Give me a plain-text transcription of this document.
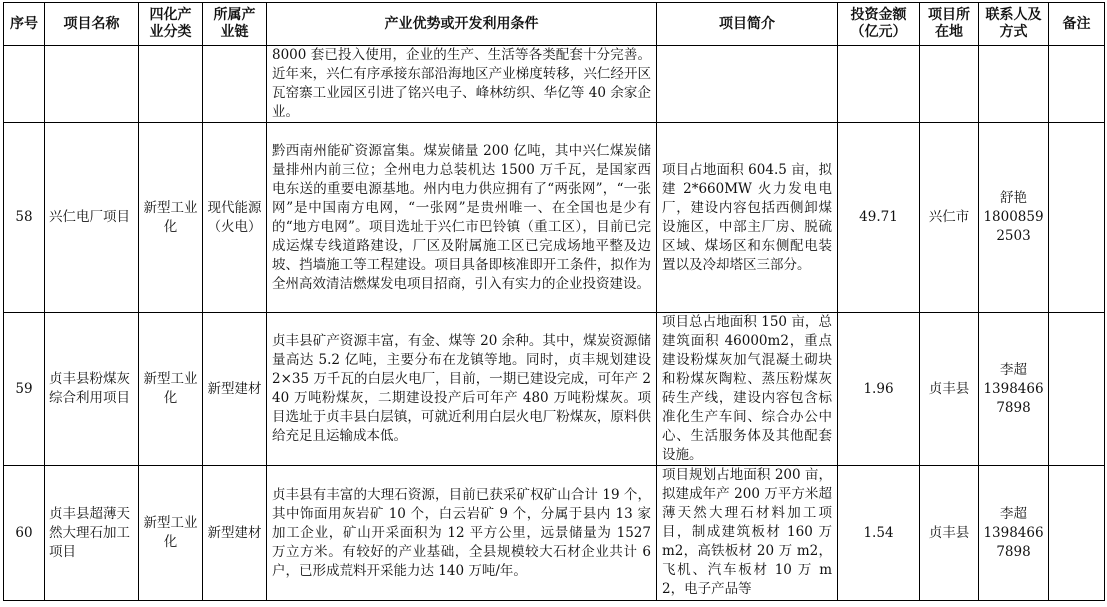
序号	项目名称	四化产业分类	所属产业链	产业优势或开发利用条件	项目简介	投资金额（亿元）	项目所在地	联系人及方式	备注
				8000 套已投入使用，企业的生产、生活等各类配套十分完善。近年来，兴仁有序承接东部沿海地区产业梯度转移，兴仁经开区瓦窑寨工业园区引进了铭兴电子、峰林纺织、华亿等 40 余家企业。					
58	兴仁电厂项目	新型工业化	现代能源（火电）	黔西南州能矿资源富集。煤炭储量 200 亿吨，其中兴仁煤炭储量排州内前三位；全州电力总装机达 1500 万千瓦，是国家西电东送的重要电源基地。州内电力供应拥有了“两张网”，“一张网”是中国南方电网，“一张网”是贵州唯一、在全国也是少有的“地方电网”。项目选址于兴仁市巴铃镇（重工区），目前已完成运煤专线道路建设，厂区及附属施工区已完成场地平整及边坡、挡墙施工等工程建设。项目具备即核准即开工条件，拟作为全州高效清洁燃煤发电项目招商，引入有实力的企业投资建设。	项目占地面积 604.5 亩，拟建 2*660MW 火力发电电厂，建设内容包括西侧卸煤设施区，中部主厂房、脱硫区域、煤场区和东侧配电装置以及冷却塔区三部分。	49.71	兴仁市	舒艳
18008592503	

59	贞丰县粉煤灰综合利用项目	新型工业化	新型建材	贞丰县矿产资源丰富，有金、煤等 20 余种。其中，煤炭资源储量高达 5.2 亿吨，主要分布在龙镇等地。同时，贞丰规划建设 2×35 万千瓦的白层火电厂，目前，一期已建设完成，可年产 240 万吨粉煤灰，二期建设投产后可年产 480 万吨粉煤灰。项目选址于贞丰县白层镇，可就近利用白层火电厂粉煤灰，原料供给充足且运输成本低。	项目总占地面积 150 亩，总建筑面积 46000m2，重点建设粉煤灰加气混凝土砌块和粉煤灰陶粒、蒸压粉煤灰砖生产线，建设内容包含标准化生产车间、综合办公中心、生活服务体及其他配套设施。	1.96	贞丰县	李超
13984667898	

60	贞丰县超薄天然大理石加工项目	新型工业化	新型建材	贞丰县有丰富的大理石资源，目前已获采矿权矿山合计 19 个，其中饰面用灰岩矿 10 个，白云岩矿 9 个，分属于县内 13 家加工企业，矿山开采面积为 12 平方公里，远景储量为 1527 万立方米。有较好的产业基础，全县规模较大石材企业共计 6 户，已形成荒料开采能力达 140 万吨/年。	项目规划占地面积 200 亩，拟建成年产 200 万平方米超薄天然大理石材料加工项目，制成建筑板材 160 万 m2，高铁板材 20 万 m2，飞机、汽车板材 10 万 m2，电子产品等	1.54	贞丰县	李超
13984667898	
